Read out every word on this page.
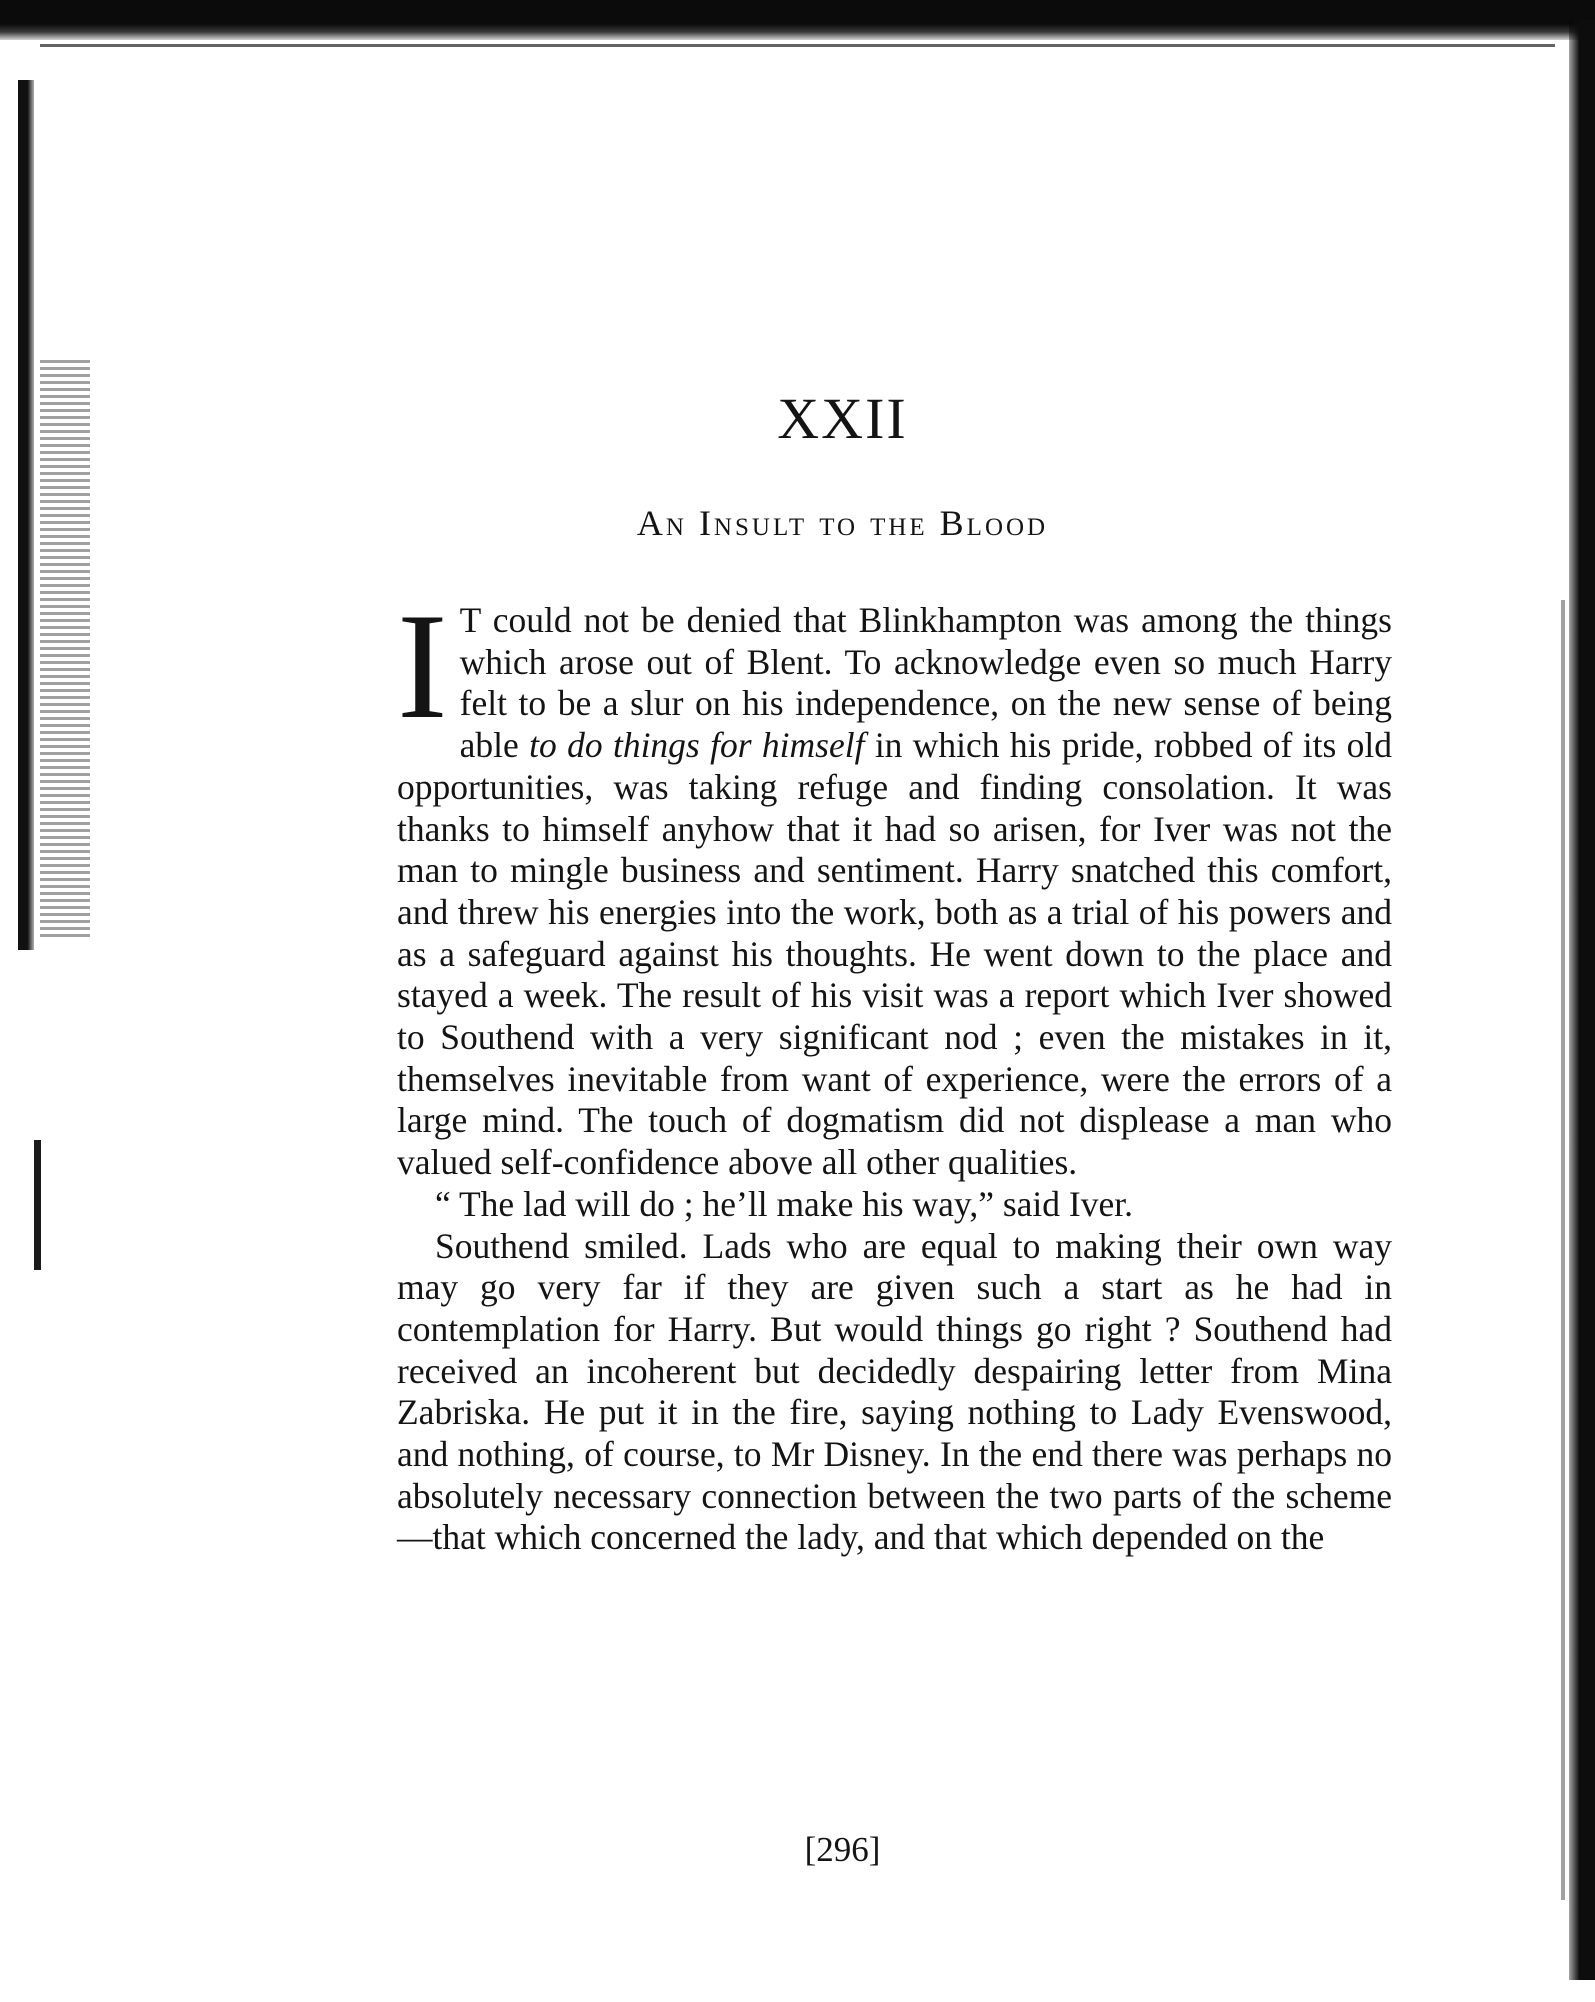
XXII
An Insult to the Blood

I T could not be denied that Blinkhampton was among the things which arose out of Blent. To acknowledge even so much Harry felt to be a slur on his independence, on the new sense of being able to do things for himself in which his pride, robbed of its old opportunities, was taking refuge and finding consolation. It was thanks to himself anyhow that it had so arisen, for Iver was not the man to mingle business and sentiment. Harry snatched this comfort, and threw his energies into the work, both as a trial of his powers and as a safeguard against his thoughts. He went down to the place and stayed a week. The result of his visit was a report which Iver showed to Southend with a very significant nod ; even the mistakes in it, themselves inevitable from want of experience, were the errors of a large mind. The touch of dogmatism did not displease a man who valued self-confidence above all other qualities.

“ The lad will do ; he’ll make his way,” said Iver.

Southend smiled. Lads who are equal to making their own way may go very far if they are given such a start as he had in contemplation for Harry. But would things go right ? Southend had received an incoherent but decidedly despairing letter from Mina Zabriska. He put it in the fire, saying nothing to Lady Evenswood, and nothing, of course, to Mr Disney. In the end there was perhaps no absolutely necessary connection between the two parts of the scheme—that which concerned the lady, and that which depended on the

[296]
